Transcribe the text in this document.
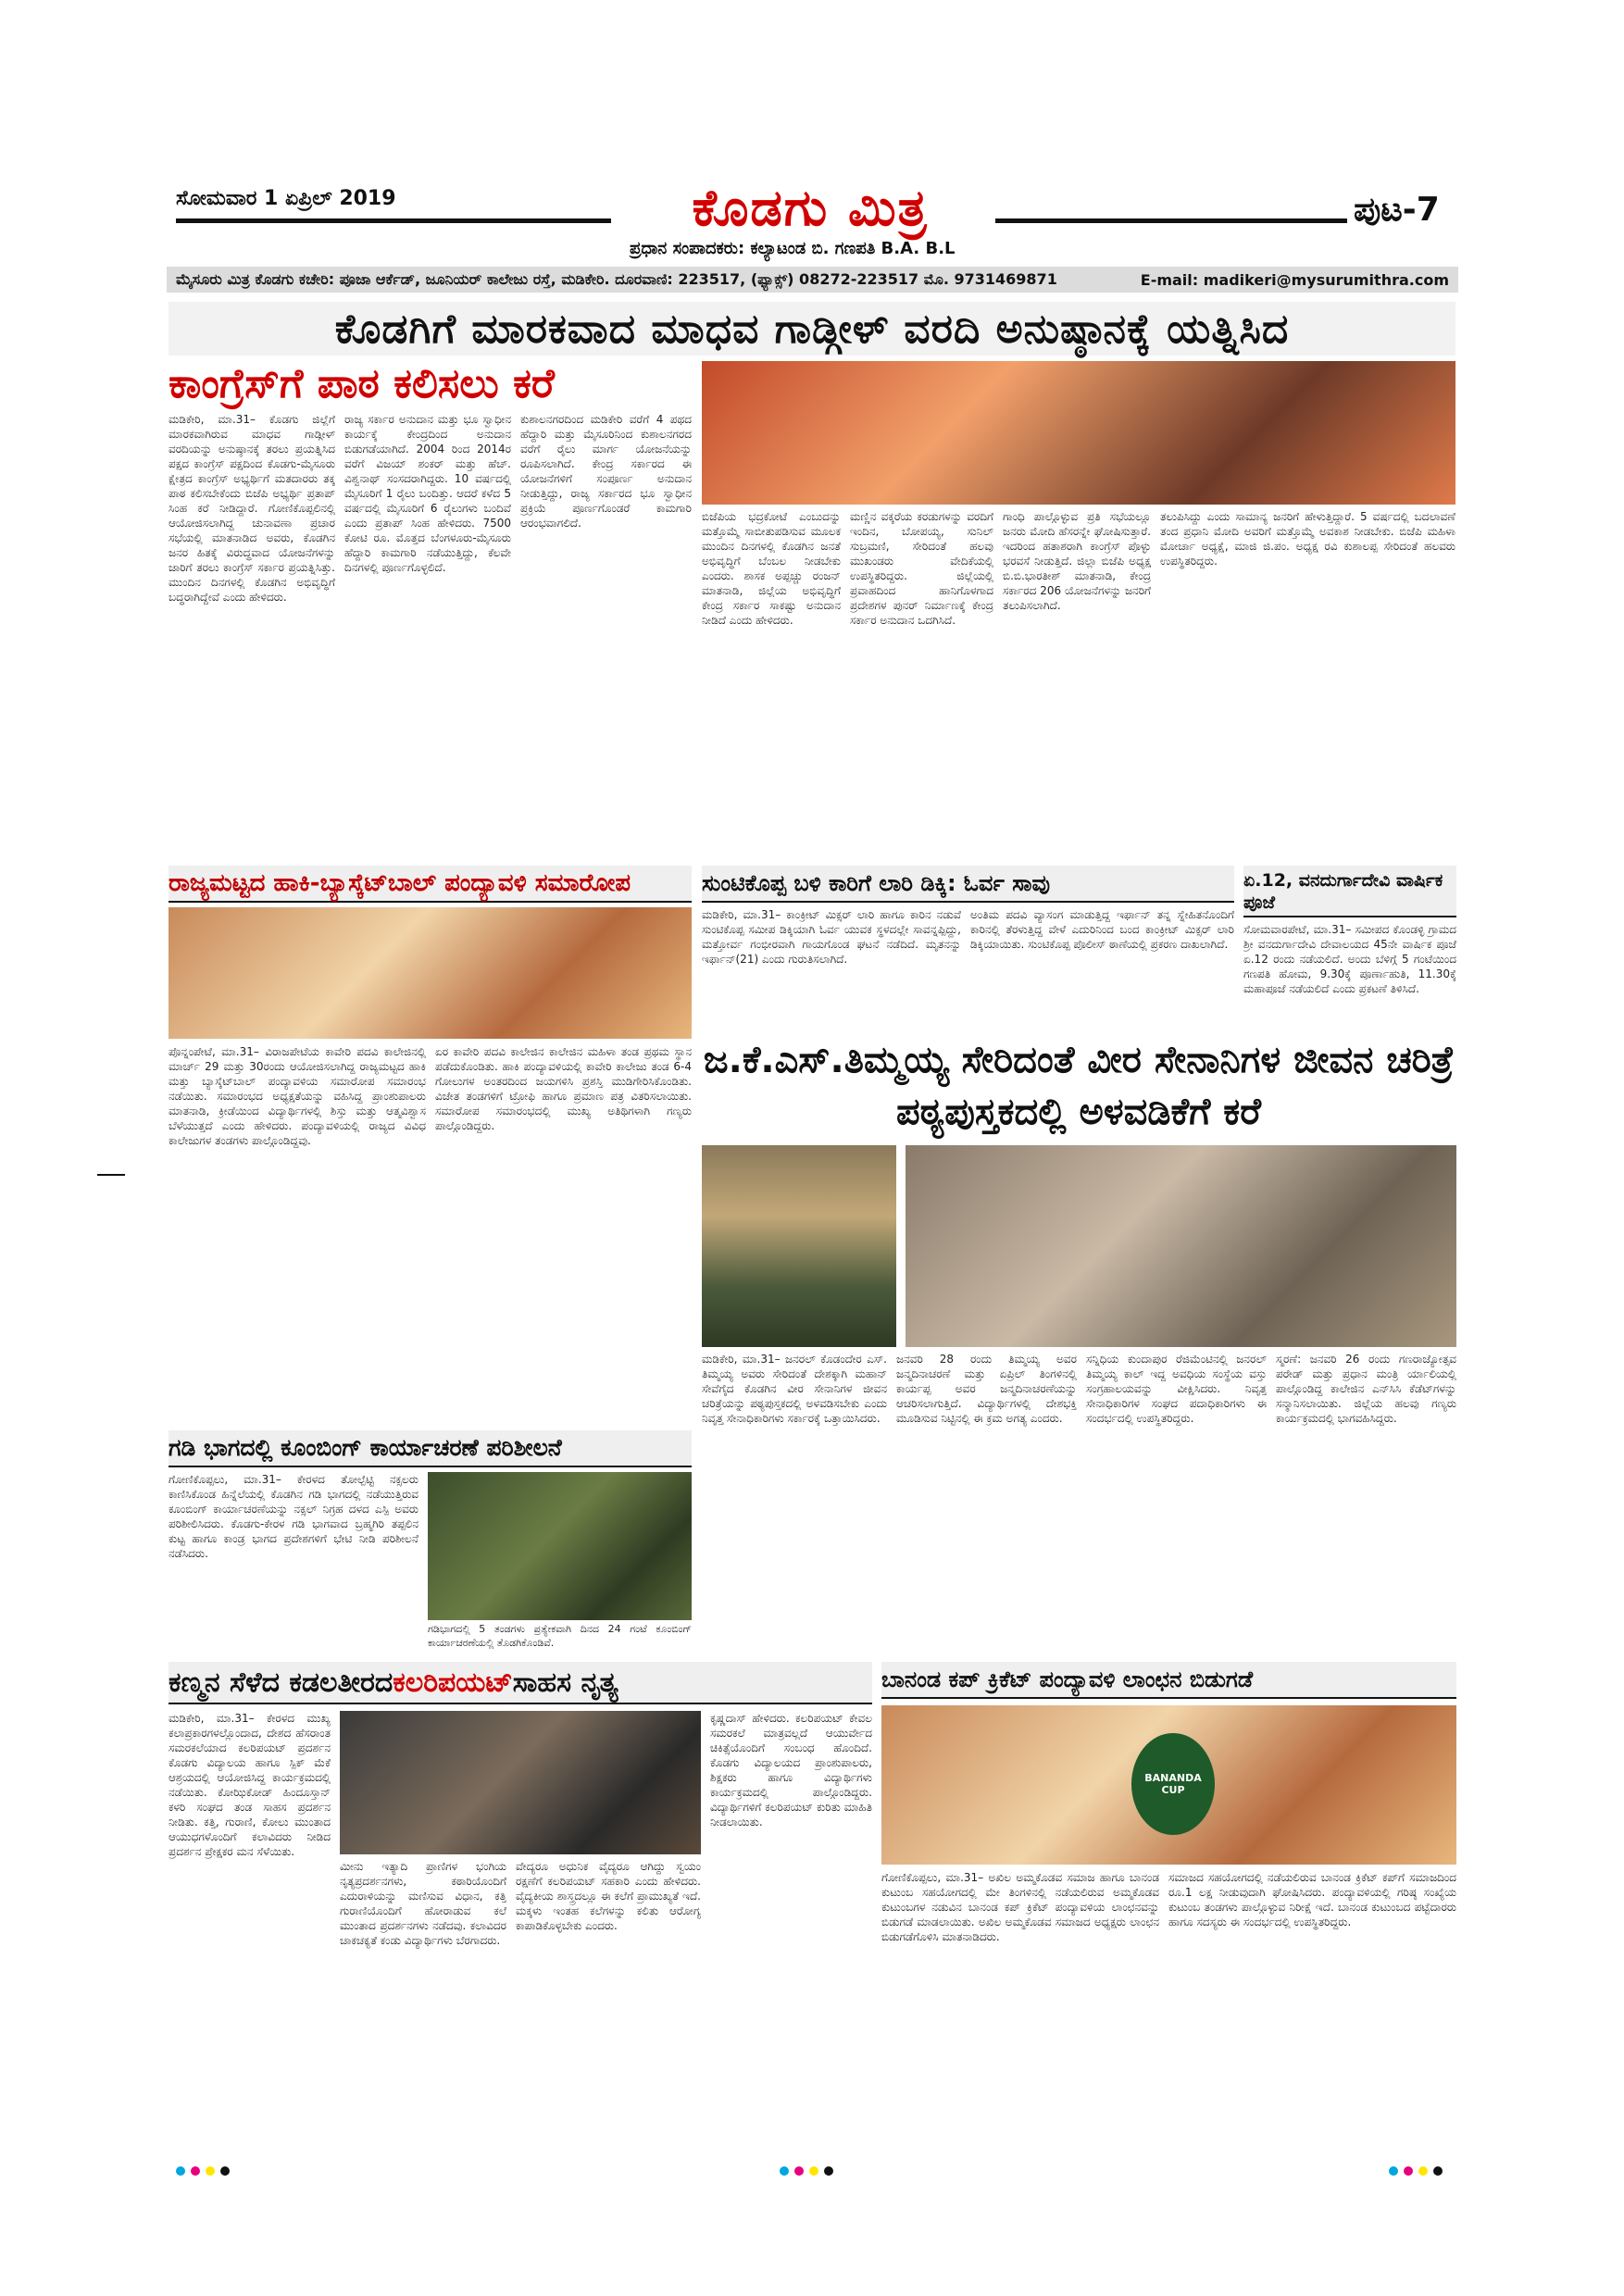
ಸೋಮವಾರ 1 ಏಪ್ರಿಲ್ 2019	ಕೊಡಗು ಮಿತ್ರ	ಪುಟ-7
ಪ್ರಧಾನ ಸಂಪಾದಕರು: ಕಲ್ಯಾಟಂಡ ಬಿ. ಗಣಪತಿ B.A. B.L
ಮೈಸೂರು ಮಿತ್ರ ಕೊಡಗು ಕಚೇರಿ: ಪೂಜಾ ಆರ್ಕೆಡ್, ಜೂನಿಯರ್ ಕಾಲೇಜು ರಸ್ತೆ, ಮಡಿಕೇರಿ. ದೂರವಾಣಿ: 223517, (ಫ್ಯಾಕ್ಸ್) 08272-223517 ಮೊ. 9731469871	E-mail: madikeri@mysurumithra.com
ಕೊಡಗಿಗೆ ಮಾರಕವಾದ ಮಾಧವ ಗಾಡ್ಗೀಳ್ ವರದಿ ಅನುಷ್ಠಾನಕ್ಕೆ ಯತ್ನಿಸಿದ
ಕಾಂಗ್ರೆಸ್‌ಗೆ ಪಾಠ ಕಲಿಸಲು ಕರೆ
ಮಡಿಕೇರಿ, ಮಾ.31– ಕೊಡಗು ಜಿಲ್ಲೆಗೆ ಮಾರಕವಾಗಿರುವ ಮಾಧವ ಗಾಡ್ಗೀಳ್ ವರದಿಯನ್ನು ಅನುಷ್ಠಾನಕ್ಕೆ ತರಲು ಪ್ರಯತ್ನಿಸಿದ ಪಕ್ಷದ ಕಾಂಗ್ರೆಸ್ ಪಕ್ಷದಿಂದ ಕೊಡಗು-ಮೈಸೂರು ಕ್ಷೇತ್ರದ ಕಾಂಗ್ರೆಸ್ ಅಭ್ಯರ್ಥಿಗೆ ಮತದಾರರು ತಕ್ಕ ಪಾಠ ಕಲಿಸಬೇಕೆಂದು ಬಿಜೆಪಿ ಅಭ್ಯರ್ಥಿ ಪ್ರತಾಪ್ ಸಿಂಹ ಕರೆ ನೀಡಿದ್ದಾರೆ. ಗೋಣಿಕೊಪ್ಪಲಿನಲ್ಲಿ ಆಯೋಜಿಸಲಾಗಿದ್ದ ಚುನಾವಣಾ ಪ್ರಚಾರ ಸಭೆಯಲ್ಲಿ ಮಾತನಾಡಿದ ಅವರು, ಕೊಡಗಿನ ಜನರ ಹಿತಕ್ಕೆ ವಿರುದ್ಧವಾದ ಯೋಜನೆಗಳನ್ನು ಜಾರಿಗೆ ತರಲು ಕಾಂಗ್ರೆಸ್ ಸರ್ಕಾರ ಪ್ರಯತ್ನಿಸಿತ್ತು. ಮುಂದಿನ ದಿನಗಳಲ್ಲಿ ಕೊಡಗಿನ ಅಭಿವೃದ್ಧಿಗೆ ಬದ್ಧರಾಗಿದ್ದೇವೆ ಎಂದು ಹೇಳಿದರು.
ರಾಜ್ಯ ಸರ್ಕಾರ ಅನುದಾನ ಮತ್ತು ಭೂ ಸ್ವಾಧೀನ ಕಾರ್ಯಕ್ಕೆ ಕೇಂದ್ರದಿಂದ ಅನುದಾನ ಬಿಡುಗಡೆಯಾಗಿದೆ. 2004 ರಿಂದ 2014ರ ವರೆಗೆ ವಿಜಯ್ ಶಂಕರ್ ಮತ್ತು ಹೆಚ್. ವಿಶ್ವನಾಥ್ ಸಂಸದರಾಗಿದ್ದರು. 10 ವರ್ಷದಲ್ಲಿ ಮೈಸೂರಿಗೆ 1 ರೈಲು ಬಂದಿತ್ತು. ಆದರೆ ಕಳೆದ 5 ವರ್ಷದಲ್ಲಿ ಮೈಸೂರಿಗೆ 6 ರೈಲುಗಳು ಬಂದಿವೆ ಎಂದು ಪ್ರತಾಪ್ ಸಿಂಹ ಹೇಳಿದರು. 7500 ಕೋಟಿ ರೂ. ಮೊತ್ತದ ಬೆಂಗಳೂರು-ಮೈಸೂರು ಹೆದ್ದಾರಿ ಕಾಮಗಾರಿ ನಡೆಯುತ್ತಿದ್ದು, ಕೆಲವೇ ದಿನಗಳಲ್ಲಿ ಪೂರ್ಣಗೊಳ್ಳಲಿದೆ.
ಕುಶಾಲನಗರದಿಂದ ಮಡಿಕೇರಿ ವರೆಗೆ 4 ಪಥದ ಹೆದ್ದಾರಿ ಮತ್ತು ಮೈಸೂರಿನಿಂದ ಕುಶಾಲನಗರದ ವರೆಗೆ ರೈಲು ಮಾರ್ಗ ಯೋಜನೆಯನ್ನು ರೂಪಿಸಲಾಗಿದೆ. ಕೇಂದ್ರ ಸರ್ಕಾರದ ಈ ಯೋಜನೆಗಳಿಗೆ ಸಂಪೂರ್ಣ ಅನುದಾನ ನೀಡುತ್ತಿದ್ದು, ರಾಜ್ಯ ಸರ್ಕಾರದ ಭೂ ಸ್ವಾಧೀನ ಪ್ರಕ್ರಿಯೆ ಪೂರ್ಣಗೊಂಡರೆ ಕಾಮಗಾರಿ ಆರಂಭವಾಗಲಿದೆ.	ಬಿಜೆಪಿಯ ಭದ್ರಕೋಟೆ ಎಂಬುದನ್ನು ಮತ್ತೊಮ್ಮೆ ಸಾಬೀತುಪಡಿಸುವ ಮೂಲಕ ಮುಂದಿನ ದಿನಗಳಲ್ಲಿ ಕೊಡಗಿನ ಜನತೆ ಅಭಿವೃದ್ಧಿಗೆ ಬೆಂಬಲ ನೀಡಬೇಕು ಎಂದರು. ಶಾಸಕ ಅಪ್ಪಚ್ಚು ರಂಜನ್ ಮಾತನಾಡಿ, ಜಿಲ್ಲೆಯ ಅಭಿವೃದ್ಧಿಗೆ ಕೇಂದ್ರ ಸರ್ಕಾರ ಸಾಕಷ್ಟು ಅನುದಾನ ನೀಡಿದೆ ಎಂದು ಹೇಳಿದರು.
ಮಣ್ಣಿನ ವಕ್ಕರೆಯ ಕರಡುಗಳನ್ನು ವರದಿಗೆ ಇಂದಿನ, ಬೋಪಯ್ಯ, ಸುನಿಲ್ ಸುಬ್ರಮಣಿ, ಸೇರಿದಂತೆ ಹಲವು ಮುಖಂಡರು ವೇದಿಕೆಯಲ್ಲಿ ಉಪಸ್ಥಿತರಿದ್ದರು. ಜಿಲ್ಲೆಯಲ್ಲಿ ಪ್ರವಾಹದಿಂದ ಹಾನಿಗೊಳಗಾದ ಪ್ರದೇಶಗಳ ಪುನರ್ ನಿರ್ಮಾಣಕ್ಕೆ ಕೇಂದ್ರ ಸರ್ಕಾರ ಅನುದಾನ ಒದಗಿಸಿದೆ.
ಗಾಂಧಿ ಪಾಲ್ಗೊಳ್ಳುವ ಪ್ರತಿ ಸಭೆಯಲ್ಲೂ ಜನರು ಮೋದಿ ಹೆಸರನ್ನೇ ಘೋಷಿಸುತ್ತಾರೆ. ಇದರಿಂದ ಹತಾಶರಾಗಿ ಕಾಂಗ್ರೆಸ್ ಪೊಳ್ಳು ಭರವಸೆ ನೀಡುತ್ತಿದೆ. ಜಿಲ್ಲಾ ಬಿಜೆಪಿ ಅಧ್ಯಕ್ಷ ಬಿ.ಬಿ.ಭಾರತೀಶ್ ಮಾತನಾಡಿ, ಕೇಂದ್ರ ಸರ್ಕಾರದ 206 ಯೋಜನೆಗಳನ್ನು ಜನರಿಗೆ ತಲುಪಿಸಲಾಗಿದೆ.
ತಲುಪಿಸಿದ್ದು ಎಂದು ಸಾಮಾನ್ಯ ಜನರಿಗೆ ಹೇಳುತ್ತಿದ್ದಾರೆ. 5 ವರ್ಷದಲ್ಲಿ ಬದಲಾವಣೆ ತಂದ ಪ್ರಧಾನಿ ಮೋದಿ ಅವರಿಗೆ ಮತ್ತೊಮ್ಮೆ ಅವಕಾಶ ನೀಡಬೇಕು. ಬಿಜೆಪಿ ಮಹಿಳಾ ಮೋರ್ಚಾ ಅಧ್ಯಕ್ಷೆ, ಮಾಜಿ ಜಿ.ಪಂ. ಅಧ್ಯಕ್ಷ ರವಿ ಕುಶಾಲಪ್ಪ ಸೇರಿದಂತೆ ಹಲವರು ಉಪಸ್ಥಿತರಿದ್ದರು.
ರಾಜ್ಯಮಟ್ಟದ ಹಾಕಿ-ಬ್ಯಾಸ್ಕೆಟ್‌ಬಾಲ್ ಪಂದ್ಯಾವಳಿ ಸಮಾರೋಪ
ಪೊನ್ನಂಪೇಟೆ, ಮಾ.31– ವಿರಾಜಪೇಟೆಯ ಕಾವೇರಿ ಪದವಿ ಕಾಲೇಜಿನಲ್ಲಿ ಮಾರ್ಚ್ 29 ಮತ್ತು 30ರಂದು ಆಯೋಜಿಸಲಾಗಿದ್ದ ರಾಜ್ಯಮಟ್ಟದ ಹಾಕಿ ಮತ್ತು ಬ್ಯಾಸ್ಕೆಟ್‌ಬಾಲ್ ಪಂದ್ಯಾವಳಿಯ ಸಮಾರೋಪ ಸಮಾರಂಭ ನಡೆಯಿತು. ಸಮಾರಂಭದ ಅಧ್ಯಕ್ಷತೆಯನ್ನು ವಹಿಸಿದ್ದ ಪ್ರಾಂಶುಪಾಲರು ಮಾತನಾಡಿ, ಕ್ರೀಡೆಯಿಂದ ವಿದ್ಯಾರ್ಥಿಗಳಲ್ಲಿ ಶಿಸ್ತು ಮತ್ತು ಆತ್ಮವಿಶ್ವಾಸ ಬೆಳೆಯುತ್ತದೆ ಎಂದು ಹೇಳಿದರು. ಪಂದ್ಯಾವಳಿಯಲ್ಲಿ ರಾಜ್ಯದ ವಿವಿಧ ಕಾಲೇಜುಗಳ ತಂಡಗಳು ಪಾಲ್ಗೊಂಡಿದ್ದವು.
ಏರ ಕಾವೇರಿ ಪದವಿ ಕಾಲೇಜಿನ ಕಾಲೇಜಿನ ಮಹಿಳಾ ತಂಡ ಪ್ರಥಮ ಸ್ಥಾನ ಪಡೆದುಕೊಂಡಿತು. ಹಾಕಿ ಪಂದ್ಯಾವಳಿಯಲ್ಲಿ ಕಾವೇರಿ ಕಾಲೇಜು ತಂಡ 6-4 ಗೋಲುಗಳ ಅಂತರದಿಂದ ಜಯಗಳಿಸಿ ಪ್ರಶಸ್ತಿ ಮುಡಿಗೇರಿಸಿಕೊಂಡಿತು. ವಿಜೇತ ತಂಡಗಳಿಗೆ ಟ್ರೋಫಿ ಹಾಗೂ ಪ್ರಮಾಣ ಪತ್ರ ವಿತರಿಸಲಾಯಿತು. ಸಮಾರೋಪ ಸಮಾರಂಭದಲ್ಲಿ ಮುಖ್ಯ ಅತಿಥಿಗಳಾಗಿ ಗಣ್ಯರು ಪಾಲ್ಗೊಂಡಿದ್ದರು.
ಸುಂಟಿಕೊಪ್ಪ ಬಳಿ ಕಾರಿಗೆ ಲಾರಿ ಡಿಕ್ಕಿ: ಓರ್ವ ಸಾವು
ಮಡಿಕೇರಿ, ಮಾ.31– ಕಾಂಕ್ರೀಟ್ ಮಿಕ್ಸರ್ ಲಾರಿ ಹಾಗೂ ಕಾರಿನ ನಡುವೆ ಸುಂಟಿಕೊಪ್ಪ ಸಮೀಪ ಡಿಕ್ಕಿಯಾಗಿ ಓರ್ವ ಯುವಕ ಸ್ಥಳದಲ್ಲೇ ಸಾವನ್ನಪ್ಪಿದ್ದು, ಮತ್ತೋರ್ವ ಗಂಭೀರವಾಗಿ ಗಾಯಗೊಂಡ ಘಟನೆ ನಡೆದಿದೆ. ಮೃತನನ್ನು ಇರ್ಫಾನ್(21) ಎಂದು ಗುರುತಿಸಲಾಗಿದೆ.
ಅಂತಿಮ ಪದವಿ ವ್ಯಾಸಂಗ ಮಾಡುತ್ತಿದ್ದ ಇರ್ಫಾನ್ ತನ್ನ ಸ್ನೇಹಿತನೊಂದಿಗೆ ಕಾರಿನಲ್ಲಿ ತೆರಳುತ್ತಿದ್ದ ವೇಳೆ ಎದುರಿನಿಂದ ಬಂದ ಕಾಂಕ್ರೀಟ್ ಮಿಕ್ಸರ್ ಲಾರಿ ಡಿಕ್ಕಿಯಾಯಿತು. ಸುಂಟಿಕೊಪ್ಪ ಪೊಲೀಸ್ ಠಾಣೆಯಲ್ಲಿ ಪ್ರಕರಣ ದಾಖಲಾಗಿದೆ.
ಏ.12, ವನದುರ್ಗಾದೇವಿ ವಾರ್ಷಿಕ ಪೂಜೆ
ಸೋಮವಾರಪೇಟೆ, ಮಾ.31– ಸಮೀಪದ ಕೊಂಡಳ್ಳಿ ಗ್ರಾಮದ ಶ್ರೀ ವನದುರ್ಗಾದೇವಿ ದೇವಾಲಯದ 45ನೇ ವಾರ್ಷಿಕ ಪೂಜೆ ಏ.12 ರಂದು ನಡೆಯಲಿದೆ. ಅಂದು ಬೆಳಿಗ್ಗೆ 5 ಗಂಟೆಯಿಂದ ಗಣಪತಿ ಹೋಮ, 9.30ಕ್ಕೆ ಪೂರ್ಣಾಹುತಿ, 11.30ಕ್ಕೆ ಮಹಾಪೂಜೆ ನಡೆಯಲಿದೆ ಎಂದು ಪ್ರಕಟಣೆ ತಿಳಿಸಿದೆ.
ಜ.ಕೆ.ಎಸ್.ತಿಮ್ಮಯ್ಯ ಸೇರಿದಂತೆ ವೀರ ಸೇನಾನಿಗಳ ಜೀವನ ಚರಿತ್ರೆ ಪಠ್ಯಪುಸ್ತಕದಲ್ಲಿ ಅಳವಡಿಕೆಗೆ ಕರೆ
ಮಡಿಕೇರಿ, ಮಾ.31– ಜನರಲ್ ಕೊಡಂದೇರ ಎಸ್. ತಿಮ್ಮಯ್ಯ ಅವರು ಸೇರಿದಂತೆ ದೇಶಕ್ಕಾಗಿ ಮಹಾನ್ ಸೇವೆಗೈದ ಕೊಡಗಿನ ವೀರ ಸೇನಾನಿಗಳ ಜೀವನ ಚರಿತ್ರೆಯನ್ನು ಪಠ್ಯಪುಸ್ತಕದಲ್ಲಿ ಅಳವಡಿಸಬೇಕು ಎಂದು ನಿವೃತ್ತ ಸೇನಾಧಿಕಾರಿಗಳು ಸರ್ಕಾರಕ್ಕೆ ಒತ್ತಾಯಿಸಿದರು.
ಜನವರಿ 28 ರಂದು ತಿಮ್ಮಯ್ಯ ಅವರ ಜನ್ಮದಿನಾಚರಣೆ ಮತ್ತು ಏಪ್ರಿಲ್ ತಿಂಗಳಿನಲ್ಲಿ ಕಾರ್ಯಪ್ಪ ಅವರ ಜನ್ಮದಿನಾಚರಣೆಯನ್ನು ಆಚರಿಸಲಾಗುತ್ತಿದೆ. ವಿದ್ಯಾರ್ಥಿಗಳಲ್ಲಿ ದೇಶಭಕ್ತಿ ಮೂಡಿಸುವ ನಿಟ್ಟಿನಲ್ಲಿ ಈ ಕ್ರಮ ಅಗತ್ಯ ಎಂದರು.
ಸನ್ನಿಧಿಯ ಕುಂದಾಪುರ ರೆಜಿಮೆಂಟಿನಲ್ಲಿ ಜನರಲ್ ತಿಮ್ಮಯ್ಯ ಕಾಲ್ ಇದ್ದ ಅವಧಿಯ ಸಂಸ್ಥೆಯ ವಸ್ತು ಸಂಗ್ರಹಾಲಯವನ್ನು ವೀಕ್ಷಿಸಿದರು. ನಿವೃತ್ತ ಸೇನಾಧಿಕಾರಿಗಳ ಸಂಘದ ಪದಾಧಿಕಾರಿಗಳು ಈ ಸಂದರ್ಭದಲ್ಲಿ ಉಪಸ್ಥಿತರಿದ್ದರು.
ಸ್ಮರಣೆ: ಜನವರಿ 26 ರಂದು ಗಣರಾಜ್ಯೋತ್ಸವ ಪರೇಡ್ ಮತ್ತು ಪ್ರಧಾನ ಮಂತ್ರಿ ರ್ಯಾಲಿಯಲ್ಲಿ ಪಾಲ್ಗೊಂಡಿದ್ದ ಕಾಲೇಜಿನ ಎನ್‌ಸಿಸಿ ಕೆಡೆಟ್‌ಗಳನ್ನು ಸನ್ಮಾನಿಸಲಾಯಿತು. ಜಿಲ್ಲೆಯ ಹಲವು ಗಣ್ಯರು ಕಾರ್ಯಕ್ರಮದಲ್ಲಿ ಭಾಗವಹಿಸಿದ್ದರು.
ಗಡಿ ಭಾಗದಲ್ಲಿ ಕೂಂಬಿಂಗ್ ಕಾರ್ಯಾಚರಣೆ ಪರಿಶೀಲನೆ
ಗೋಣಿಕೊಪ್ಪಲು, ಮಾ.31– ಕೇರಳದ ತೋಲ್ಪೆಟ್ಟಿ ನಕ್ಸಲರು ಕಾಣಿಸಿಕೊಂಡ ಹಿನ್ನೆಲೆಯಲ್ಲಿ ಕೊಡಗಿನ ಗಡಿ ಭಾಗದಲ್ಲಿ ನಡೆಯುತ್ತಿರುವ ಕೂಂಬಿಂಗ್ ಕಾರ್ಯಾಚರಣೆಯನ್ನು ನಕ್ಸಲ್ ನಿಗ್ರಹ ದಳದ ಎಸ್ಪಿ ಅವರು ಪರಿಶೀಲಿಸಿದರು. ಕೊಡಗು-ಕೇರಳ ಗಡಿ ಭಾಗವಾದ ಬ್ರಹ್ಮಗಿರಿ ತಪ್ಪಲಿನ ಕುಟ್ಟ ಹಾಗೂ ಕಾಂಡ್ರ ಭಾಗದ ಪ್ರದೇಶಗಳಿಗೆ ಭೇಟಿ ನೀಡಿ ಪರಿಶೀಲನೆ ನಡೆಸಿದರು.
ಗಡಿಭಾಗದಲ್ಲಿ 5 ತಂಡಗಳು ಪ್ರತ್ಯೇಕವಾಗಿ ದಿನದ 24 ಗಂಟೆ ಕೂಂಬಿಂಗ್ ಕಾರ್ಯಾಚರಣೆಯಲ್ಲಿ ತೊಡಗಿಕೊಂಡಿವೆ.
ಕಣ್ಮನ ಸೆಳೆದ ಕಡಲತೀರದ ಕಲರಿಪಯಟ್ ಸಾಹಸ ನೃತ್ಯ
ಮಡಿಕೇರಿ, ಮಾ.31– ಕೇರಳದ ಮುಖ್ಯ ಕಲಾಪ್ರಕಾರಗಳಲ್ಲೊಂದಾದ, ದೇಶದ ಹೆಸರಾಂತ ಸಮರಕಲೆಯಾದ ಕಲರಿಪಯಟ್ ಪ್ರದರ್ಶನ ಕೊಡಗು ವಿದ್ಯಾಲಯ ಹಾಗೂ ಸ್ಪಿಕ್ ಮೆಕೆ ಆಶ್ರಯದಲ್ಲಿ ಆಯೋಜಿಸಿದ್ದ ಕಾರ್ಯಕ್ರಮದಲ್ಲಿ ನಡೆಯಿತು. ಕೋಝಿಕೋಡ್ ಹಿಂದೂಸ್ತಾನ್ ಕಳರಿ ಸಂಘದ ತಂಡ ಸಾಹಸ ಪ್ರದರ್ಶನ ನೀಡಿತು. ಕತ್ತಿ, ಗುರಾಣಿ, ಕೋಲು ಮುಂತಾದ ಆಯುಧಗಳೊಂದಿಗೆ ಕಲಾವಿದರು ನೀಡಿದ ಪ್ರದರ್ಶನ ಪ್ರೇಕ್ಷಕರ ಮನ ಸೆಳೆಯಿತು.
ಮೀನು ಇತ್ಯಾದಿ ಪ್ರಾಣಿಗಳ ಭಂಗಿಯ ನೃತ್ಯಪ್ರದರ್ಶನಗಳು, ಕಠಾರಿಯೊಂದಿಗೆ ಎದುರಾಳಿಯನ್ನು ಮಣಿಸುವ ವಿಧಾನ, ಕತ್ತಿ ಗುರಾಣಿಯೊಂದಿಗೆ ಹೋರಾಡುವ ಕಲೆ ಮುಂತಾದ ಪ್ರದರ್ಶನಗಳು ನಡೆದವು. ಕಲಾವಿದರ ಚಾಕಚಕ್ಯತೆ ಕಂಡು ವಿದ್ಯಾರ್ಥಿಗಳು ಬೆರಗಾದರು.
ವೇದ್ಯರೂ ಅಧುನಿಕ ವೈದ್ಯರೂ ಆಗಿದ್ದು ಸ್ವಯಂ ರಕ್ಷಣೆಗೆ ಕಲರಿಪಯಟ್ ಸಹಕಾರಿ ಎಂದು ಹೇಳಿದರು. ವೈದ್ಯಕೀಯ ಶಾಸ್ತ್ರದಲ್ಲೂ ಈ ಕಲೆಗೆ ಪ್ರಾಮುಖ್ಯತೆ ಇದೆ. ಮಕ್ಕಳು ಇಂತಹ ಕಲೆಗಳನ್ನು ಕಲಿತು ಆರೋಗ್ಯ ಕಾಪಾಡಿಕೊಳ್ಳಬೇಕು ಎಂದರು.
ಕೃಷ್ಣದಾಸ್ ಹೇಳಿದರು. ಕಲರಿಪಯಟ್ ಕೇವಲ ಸಮರಕಲೆ ಮಾತ್ರವಲ್ಲದೆ ಆಯುರ್ವೇದ ಚಿಕಿತ್ಸೆಯೊಂದಿಗೆ ಸಂಬಂಧ ಹೊಂದಿದೆ. ಕೊಡಗು ವಿದ್ಯಾಲಯದ ಪ್ರಾಂಶುಪಾಲರು, ಶಿಕ್ಷಕರು ಹಾಗೂ ವಿದ್ಯಾರ್ಥಿಗಳು ಕಾರ್ಯಕ್ರಮದಲ್ಲಿ ಪಾಲ್ಗೊಂಡಿದ್ದರು. ವಿದ್ಯಾರ್ಥಿಗಳಿಗೆ ಕಲರಿಪಯಟ್ ಕುರಿತು ಮಾಹಿತಿ ನೀಡಲಾಯಿತು.
ಬಾನಂಡ ಕಪ್ ಕ್ರಿಕೆಟ್ ಪಂದ್ಯಾವಳಿ ಲಾಂಛನ ಬಿಡುಗಡೆ
BANANDA CUP
ಗೋಣಿಕೊಪ್ಪಲು, ಮಾ.31– ಅಖಿಲ ಅಮ್ಮಕೊಡವ ಸಮಾಜ ಹಾಗೂ ಬಾನಂಡ ಕುಟುಂಬ ಸಹಯೋಗದಲ್ಲಿ ಮೇ ತಿಂಗಳಿನಲ್ಲಿ ನಡೆಯಲಿರುವ ಅಮ್ಮಕೊಡವ ಕುಟುಂಬಗಳ ನಡುವಿನ ಬಾನಂಡ ಕಪ್ ಕ್ರಿಕೆಟ್ ಪಂದ್ಯಾವಳಿಯ ಲಾಂಛನವನ್ನು ಬಿಡುಗಡೆ ಮಾಡಲಾಯಿತು. ಅಖಿಲ ಅಮ್ಮಕೊಡವ ಸಮಾಜದ ಅಧ್ಯಕ್ಷರು ಲಾಂಛನ ಬಿಡುಗಡೆಗೊಳಿಸಿ ಮಾತನಾಡಿದರು.
ಸಮಾಜದ ಸಹಯೋಗದಲ್ಲಿ ನಡೆಯಲಿರುವ ಬಾನಂಡ ಕ್ರಿಕೆಟ್ ಕಪ್‌ಗೆ ಸಮಾಜದಿಂದ ರೂ.1 ಲಕ್ಷ ನೀಡುವುದಾಗಿ ಘೋಷಿಸಿದರು. ಪಂದ್ಯಾವಳಿಯಲ್ಲಿ ಗರಿಷ್ಠ ಸಂಖ್ಯೆಯ ಕುಟುಂಬ ತಂಡಗಳು ಪಾಲ್ಗೊಳ್ಳುವ ನಿರೀಕ್ಷೆ ಇದೆ. ಬಾನಂಡ ಕುಟುಂಬದ ಪಟ್ಟೆದಾರರು ಹಾಗೂ ಸದಸ್ಯರು ಈ ಸಂದರ್ಭದಲ್ಲಿ ಉಪಸ್ಥಿತರಿದ್ದರು.
